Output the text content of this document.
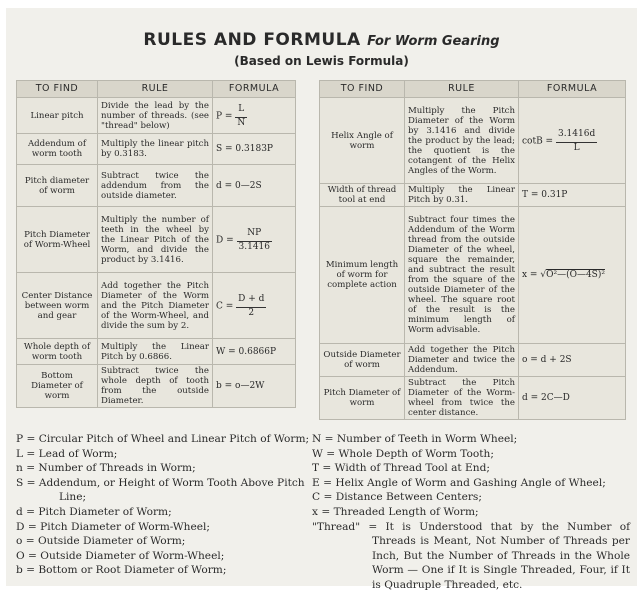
RULES AND FORMULA For Worm Gearing
(Based on Lewis Formula)
TO FIND	RULE	FORMULA
Linear pitch	Divide the lead by the number of threads. (see "thread" below)	$P = \frac{L}{N}$

Addendum of worm tooth	Multiply the linear pitch by 0.3183.	S = 0.3183P
Pitch diameter of worm	Subtract twice the addendum from the outside diameter.	d = 0—2S
Pitch Diameter of Worm-Wheel	Multiply the number of teeth in the wheel by the Linear Pitch of the Worm, and divide the product by 3.1416.	$D = \frac{NP}{3.1416}$

Center Distance between worm and gear	Add together the Pitch Diameter of the Worm and the Pitch Diameter of the Worm-Wheel, and divide the sum by 2.	$C = \frac{D + d}{2}$

Whole depth of worm tooth	Multiply the Linear Pitch by 0.6866.	W = 0.6866P
Bottom Diameter of worm	Subtract twice the whole depth of tooth from the outside Diameter.	b = o—2W
TO FIND	RULE	FORMULA
Helix Angle of worm	Multiply the Pitch Diameter of the Worm by 3.1416 and divide the product by the lead; the quotient is the cotangent of the Helix Angles of the Worm.	$\cot B = \frac{3.1416d}{L}$

Width of thread tool at end	Multiply the Linear Pitch by 0.31.	T = 0.31P
Minimum length of worm for complete action	Subtract four times the Addendum of the Worm thread from the outside Diameter of the wheel, square the remainder, and subtract the result from the square of the outside Diameter of the wheel. The square root of the result is the minimum length of Worm advisable.	x = √O²—(O—4S)²
Outside Diameter of worm	Add together the Pitch Diameter and twice the Addendum.	o = d + 2S
Pitch Diameter of worm	Subtract the Pitch Diameter of the Worm-wheel from twice the center distance.	d = 2C—D

P = Circular Pitch of Wheel and Linear Pitch of Worm;

L = Lead of Worm;

n = Number of Threads in Worm;

S = Addendum, or Height of Worm Tooth Above Pitch Line;

d = Pitch Diameter of Worm;

D = Pitch Diameter of Worm-Wheel;

o = Outside Diameter of Worm;

O = Outside Diameter of Worm-Wheel;

b = Bottom or Root Diameter of Worm;

N = Number of Teeth in Worm Wheel;

W = Whole Depth of Worm Tooth;

T = Width of Thread Tool at End;

E = Helix Angle of Worm and Gashing Angle of Wheel;

C = Distance Between Centers;

x = Threaded Length of Worm;

"Thread" = It is Understood that by the Number of Threads is Meant, Not Number of Threads per Inch, But the Number of Threads in the Whole Worm — One if It is Single Threaded, Four, if It is Quadruple Threaded, etc.
